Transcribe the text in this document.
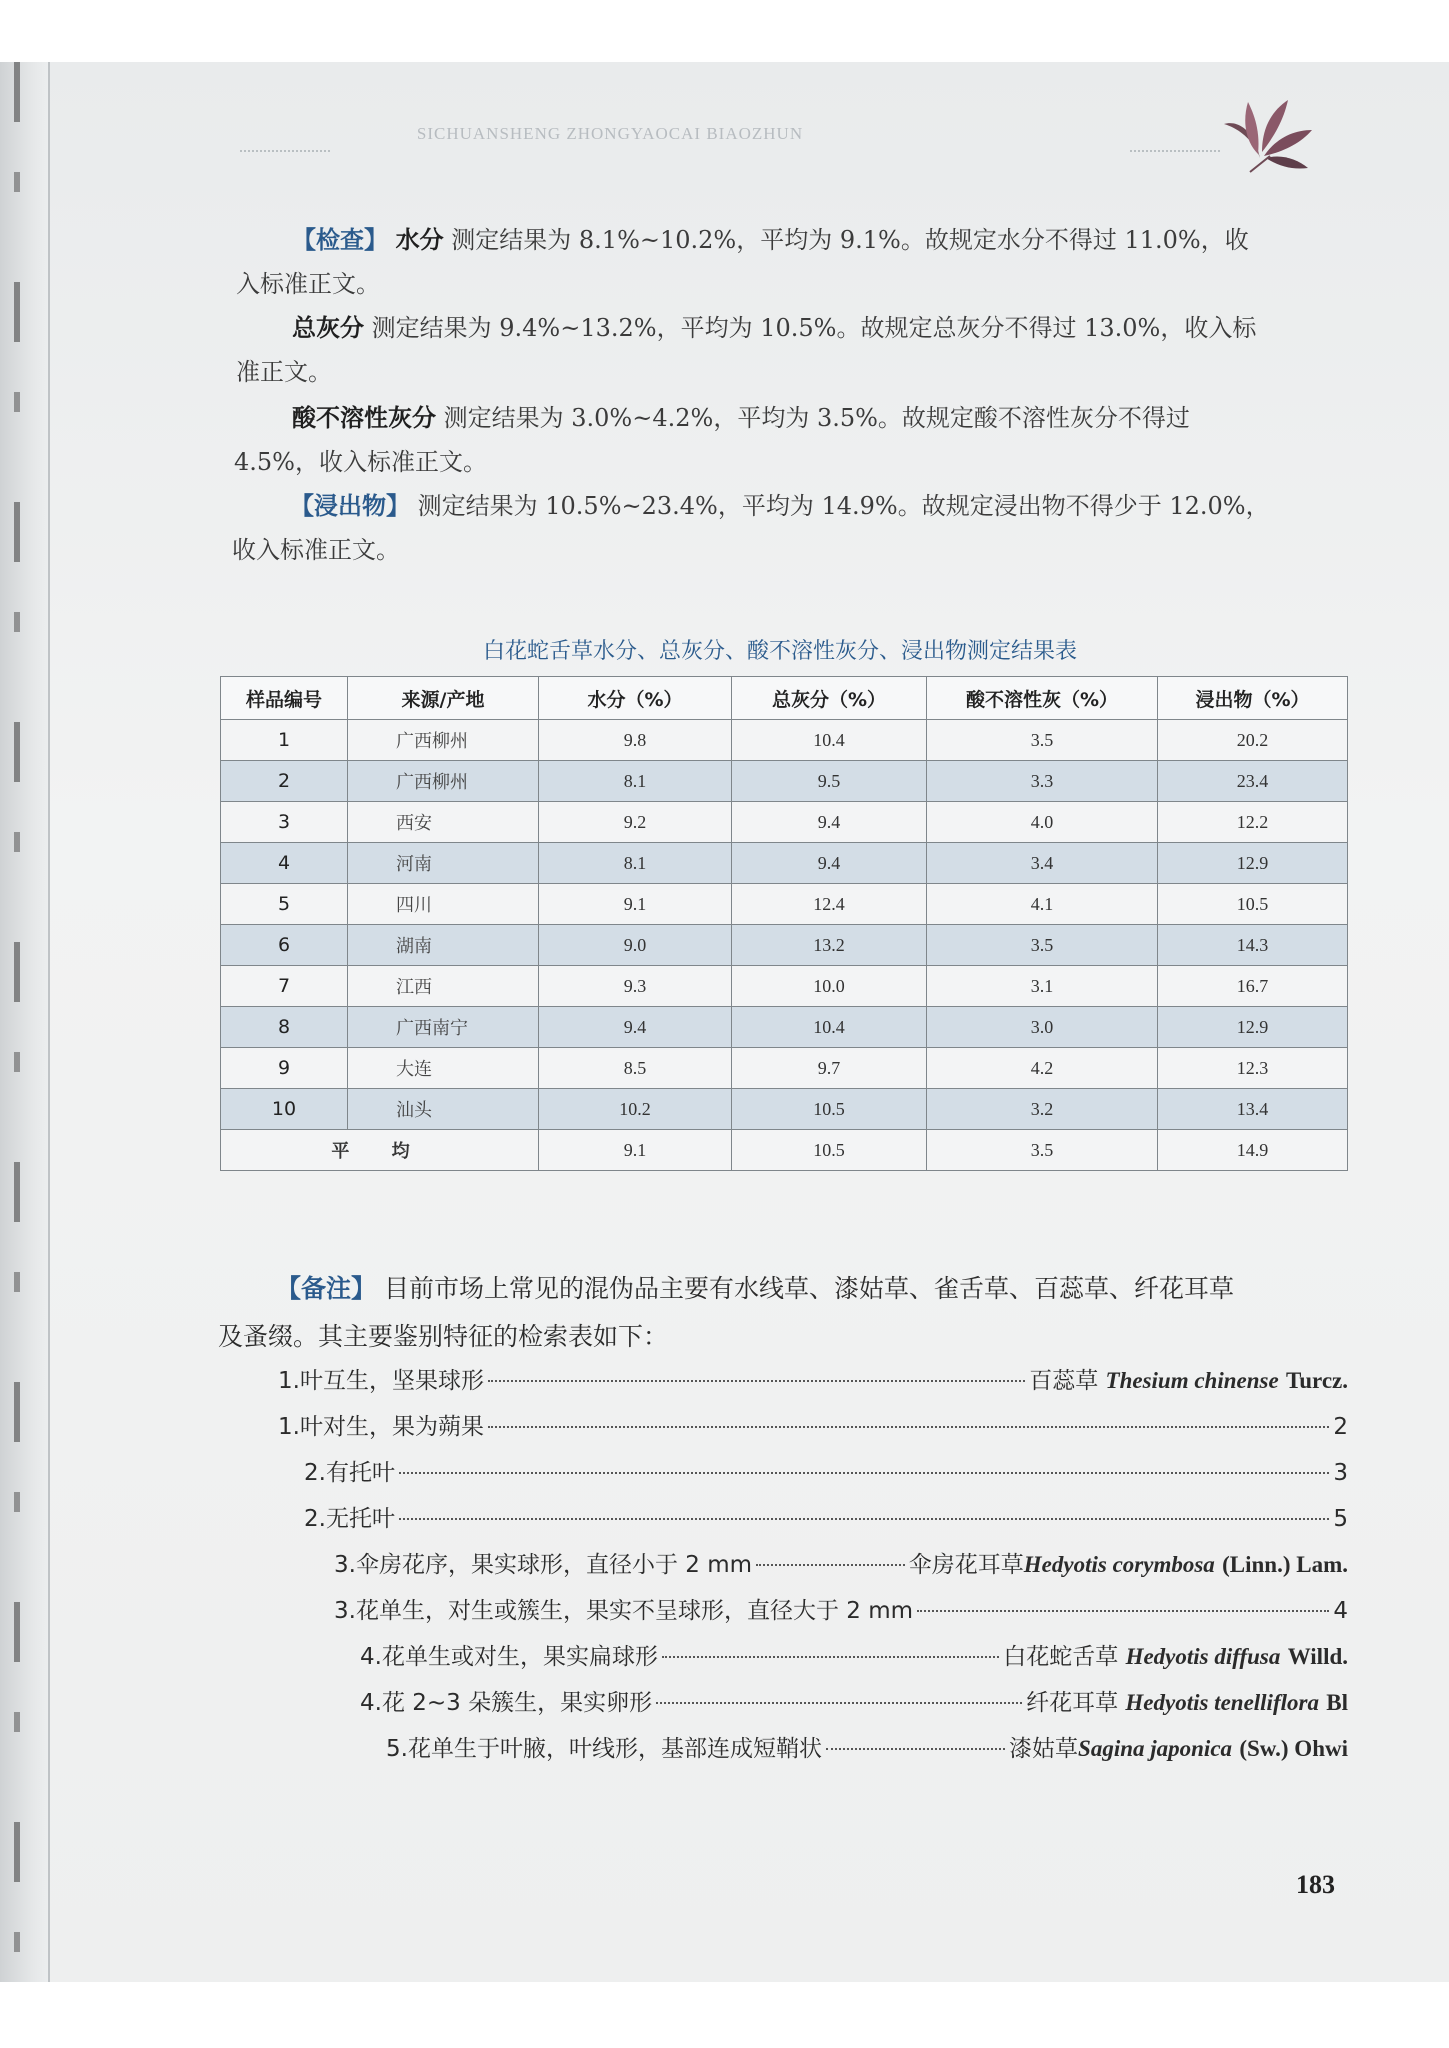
SICHUANSHENG ZHONGYAOCAI BIAOZHUN
【检查】 水分 测定结果为 8.1%~10.2%，平均为 9.1%。故规定水分不得过 11.0%，收
入标准正文。
总灰分 测定结果为 9.4%~13.2%，平均为 10.5%。故规定总灰分不得过 13.0%，收入标
准正文。
酸不溶性灰分 测定结果为 3.0%~4.2%，平均为 3.5%。故规定酸不溶性灰分不得过
4.5%，收入标准正文。
【浸出物】 测定结果为 10.5%~23.4%，平均为 14.9%。故规定浸出物不得少于 12.0%，
收入标准正文。
白花蛇舌草水分、总灰分、酸不溶性灰分、浸出物测定结果表
样品编号	来源/产地	水分（%）	总灰分（%）	酸不溶性灰（%）	浸出物（%）
1	广西柳州	9.8	10.4	3.5	20.2
2	广西柳州	8.1	9.5	3.3	23.4
3	西安	9.2	9.4	4.0	12.2
4	河南	8.1	9.4	3.4	12.9
5	四川	9.1	12.4	4.1	10.5
6	湖南	9.0	13.2	3.5	14.3
7	江西	9.3	10.0	3.1	16.7
8	广西南宁	9.4	10.4	3.0	12.9
9	大连	8.5	9.7	4.2	12.3
10	汕头	10.2	10.5	3.2	13.4
平 均		9.1	10.5	3.5	14.9
【备注】 目前市场上常见的混伪品主要有水线草、漆姑草、雀舌草、百蕊草、纤花耳草
及蚤缀。其主要鉴别特征的检索表如下：
1.叶互生，坚果球形	百蕊草 Thesium chinense Turcz.
1.叶对生，果为蒴果	2
2.有托叶	3
2.无托叶	5
3.伞房花序，果实球形，直径小于 2 mm	伞房花耳草Hedyotis corymbosa (Linn.) Lam.
3.花单生，对生或簇生，果实不呈球形，直径大于 2 mm	4
4.花单生或对生，果实扁球形	白花蛇舌草 Hedyotis diffusa Willd.
4.花 2~3 朵簇生，果实卵形	纤花耳草 Hedyotis tenelliflora Bl
5.花单生于叶腋，叶线形，基部连成短鞘状	漆姑草Sagina japonica (Sw.) Ohwi
183
